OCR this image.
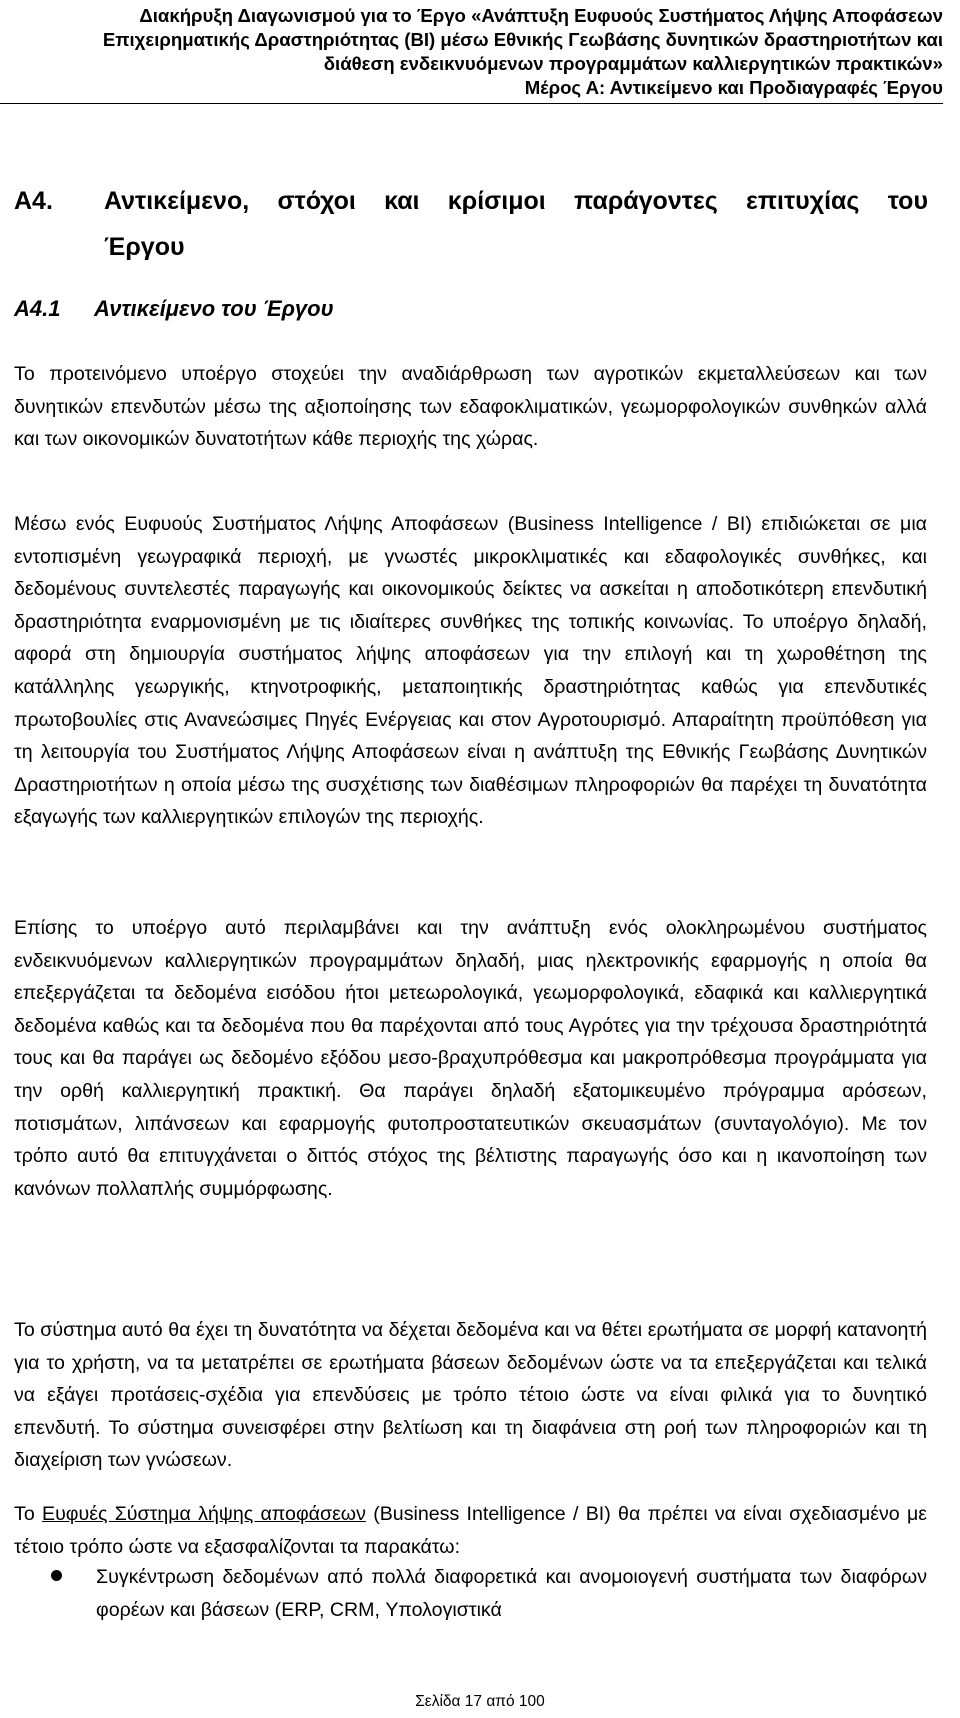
Διακήρυξη Διαγωνισμού για το Έργο «Ανάπτυξη Ευφυούς Συστήματος Λήψης Αποφάσεων
Επιχειρηματικής Δραστηριότητας (BI) μέσω Εθνικής Γεωβάσης δυνητικών δραστηριοτήτων και
διάθεση ενδεικνυόμενων προγραμμάτων καλλιεργητικών πρακτικών»
Μέρος Α: Αντικείμενο και Προδιαγραφές Έργου
Α4.	Αντικείμενο, στόχοι και κρίσιμοι παράγοντες επιτυχίας του
Έργου
Α4.1 Αντικείμενο του Έργου
Το προτεινόμενο υποέργο στοχεύει την αναδιάρθρωση των αγροτικών εκμεταλλεύσεων και των δυνητικών επενδυτών μέσω της αξιοποίησης των εδαφοκλιματικών, γεωμορφολογικών συνθηκών αλλά και των οικονομικών δυνατοτήτων κάθε περιοχής της χώρας.
Μέσω ενός Ευφυούς Συστήματος Λήψης Αποφάσεων (Business Intelligence / BI) επιδιώκεται σε μια εντοπισμένη γεωγραφικά περιοχή, με γνωστές μικροκλιματικές και εδαφολογικές συνθήκες, και δεδομένους συντελεστές παραγωγής και οικονομικούς δείκτες να ασκείται η αποδοτικότερη επενδυτική δραστηριότητα εναρμονισμένη με τις ιδιαίτερες συνθήκες της τοπικής κοινωνίας. Το υποέργο δηλαδή, αφορά στη δημιουργία συστήματος λήψης αποφάσεων για την επιλογή και τη χωροθέτηση της κατάλληλης γεωργικής, κτηνοτροφικής, μεταποιητικής δραστηριότητας καθώς για επενδυτικές πρωτοβουλίες στις Ανανεώσιμες Πηγές Ενέργειας και στον Αγροτουρισμό. Απαραίτητη προϋπόθεση για τη λειτουργία του Συστήματος Λήψης Αποφάσεων είναι η ανάπτυξη της Εθνικής Γεωβάσης Δυνητικών Δραστηριοτήτων η οποία μέσω της συσχέτισης των διαθέσιμων πληροφοριών θα παρέχει τη δυνατότητα εξαγωγής των καλλιεργητικών επιλογών της περιοχής.
Επίσης το υποέργο αυτό περιλαμβάνει και την ανάπτυξη ενός ολοκληρωμένου συστήματος ενδεικνυόμενων καλλιεργητικών προγραμμάτων δηλαδή, μιας ηλεκτρονικής εφαρμογής η οποία θα επεξεργάζεται τα δεδομένα εισόδου ήτοι μετεωρολογικά, γεωμορφολογικά, εδαφικά και καλλιεργητικά δεδομένα καθώς και τα δεδομένα που θα παρέχονται από τους Αγρότες για την τρέχουσα δραστηριότητά τους και θα παράγει ως δεδομένο εξόδου μεσο-βραχυπρόθεσμα και μακροπρόθεσμα προγράμματα για την ορθή καλλιεργητική πρακτική. Θα παράγει δηλαδή εξατομικευμένο πρόγραμμα αρόσεων, ποτισμάτων, λιπάνσεων και εφαρμογής φυτοπροστατευτικών σκευασμάτων (συνταγολόγιο). Με τον τρόπο αυτό θα επιτυγχάνεται ο διττός στόχος της βέλτιστης παραγωγής όσο και η ικανοποίηση των κανόνων πολλαπλής συμμόρφωσης.
Το σύστημα αυτό θα έχει τη δυνατότητα να δέχεται δεδομένα και να θέτει ερωτήματα σε μορφή κατανοητή για το χρήστη, να τα μετατρέπει σε ερωτήματα βάσεων δεδομένων ώστε να τα επεξεργάζεται και τελικά να εξάγει προτάσεις-σχέδια για επενδύσεις με τρόπο τέτοιο ώστε να είναι φιλικά για το δυνητικό επενδυτή. Το σύστημα συνεισφέρει στην βελτίωση και τη διαφάνεια στη ροή των πληροφοριών και τη διαχείριση των γνώσεων.
Το Ευφυές Σύστημα λήψης αποφάσεων (Business Intelligence / BI) θα πρέπει να είναι σχεδιασμένο με τέτοιο τρόπο ώστε να εξασφαλίζονται τα παρακάτω:
Συγκέντρωση δεδομένων από πολλά διαφορετικά και ανομοιογενή συστήματα των διαφόρων φορέων και βάσεων (ERP, CRM, Υπολογιστικά
Σελίδα 17 από 100
